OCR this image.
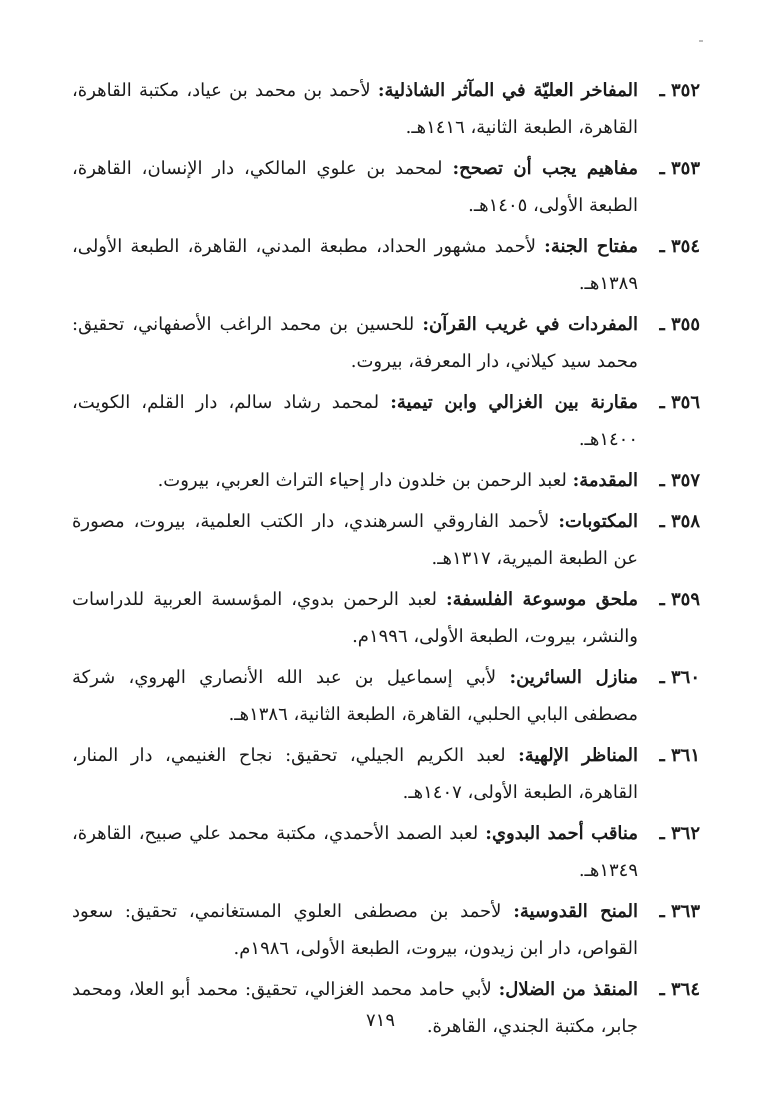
٣٥٢ ـ
المفاخر العليّة في المآثر الشاذلية: لأحمد بن محمد بن عياد، مكتبة القاهرة، القاهرة، الطبعة الثانية، ١٤١٦هـ.
٣٥٣ ـ
مفاهيم يجب أن تصحح: لمحمد بن علوي المالكي، دار الإنسان، القاهرة، الطبعة الأولى، ١٤٠٥هـ.
٣٥٤ ـ
مفتاح الجنة: لأحمد مشهور الحداد، مطبعة المدني، القاهرة، الطبعة الأولى، ١٣٨٩هـ.
٣٥٥ ـ
المفردات في غريب القرآن: للحسين بن محمد الراغب الأصفهاني، تحقيق: محمد سيد كيلاني، دار المعرفة، بيروت.
٣٥٦ ـ
مقارنة بين الغزالي وابن تيمية: لمحمد رشاد سالم، دار القلم، الكويت، ١٤٠٠هـ.
٣٥٧ ـ
المقدمة: لعبد الرحمن بن خلدون دار إحياء التراث العربي، بيروت.
٣٥٨ ـ
المكتوبات: لأحمد الفاروقي السرهندي، دار الكتب العلمية، بيروت، مصورة عن الطبعة الميرية، ١٣١٧هـ.
٣٥٩ ـ
ملحق موسوعة الفلسفة: لعبد الرحمن بدوي، المؤسسة العربية للدراسات والنشر، بيروت، الطبعة الأولى، ١٩٩٦م.
٣٦٠ ـ
منازل السائرين: لأبي إسماعيل بن عبد الله الأنصاري الهروي، شركة مصطفى البابي الحلبي، القاهرة، الطبعة الثانية، ١٣٨٦هـ.
٣٦١ ـ
المناظر الإلهية: لعبد الكريم الجيلي، تحقيق: نجاح الغنيمي، دار المنار، القاهرة، الطبعة الأولى، ١٤٠٧هـ.
٣٦٢ ـ
مناقب أحمد البدوي: لعبد الصمد الأحمدي، مكتبة محمد علي صبيح، القاهرة، ١٣٤٩هـ.
٣٦٣ ـ
المنح القدوسية: لأحمد بن مصطفى العلوي المستغانمي، تحقيق: سعود القواص، دار ابن زيدون، بيروت، الطبعة الأولى، ١٩٨٦م.
٣٦٤ ـ
المنقذ من الضلال: لأبي حامد محمد الغزالي، تحقيق: محمد أبو العلا، ومحمد جابر، مكتبة الجندي، القاهرة.
٧١٩
